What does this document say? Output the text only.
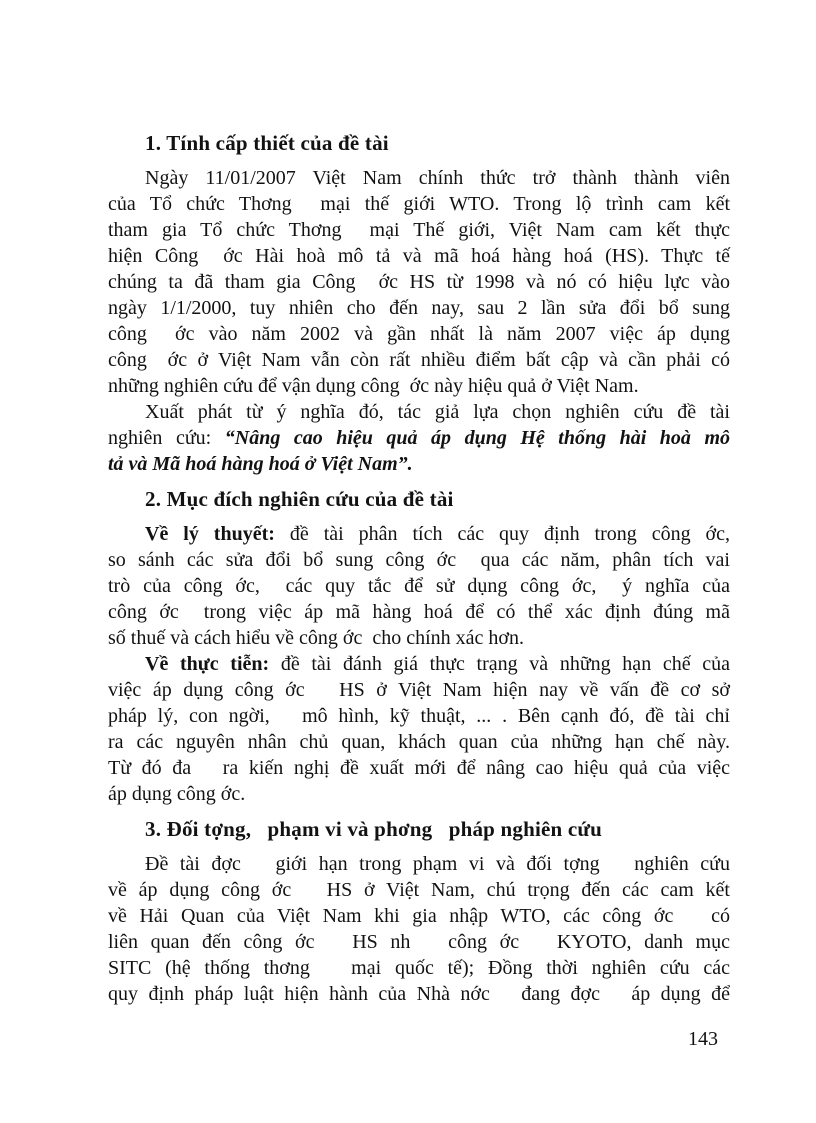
1. Tính cấp thiết của đề tài
Ngày 11/01/2007 Việt Nam chính thức trở thành thành viên
của Tổ chức Thơng  mại thế giới WTO. Trong lộ trình cam kết
tham gia Tổ chức Thơng  mại Thế giới, Việt Nam cam kết thực
hiện Công  ớc Hài hoà mô tả và mã hoá hàng hoá (HS). Thực tế
chúng ta đã tham gia Công  ớc HS từ 1998 và nó có hiệu lực vào
ngày 1/1/2000, tuy nhiên cho đến nay, sau 2 lần sửa đổi bổ sung
công  ớc vào năm 2002 và gần nhất là năm 2007 việc áp dụng
công  ớc ở Việt Nam vẫn còn rất nhiều điểm bất cập và cần phải có
những nghiên cứu để vận dụng công  ớc này hiệu quả ở Việt Nam.
Xuất phát từ ý nghĩa đó, tác giả lựa chọn nghiên cứu đề tài
nghiên cứu: “Nâng cao hiệu quả áp dụng Hệ thống hài hoà mô
tả và Mã hoá hàng hoá ở Việt Nam”.
2. Mục đích nghiên cứu của đề tài
Về lý thuyết: đề tài phân tích các quy định trong công ớc,
so sánh các sửa đổi bổ sung công ớc  qua các năm, phân tích vai
trò của công ớc,  các quy tắc để sử dụng công ớc,  ý nghĩa của
công ớc  trong việc áp mã hàng hoá để có thể xác định đúng mã
số thuế và cách hiểu về công ớc  cho chính xác hơn.
Về thực tiễn: đề tài đánh giá thực trạng và những hạn chế của
việc áp dụng công ớc   HS ở Việt Nam hiện nay về vấn đề cơ sở
pháp lý, con ngời,   mô hình, kỹ thuật, ... . Bên cạnh đó, đề tài chỉ
ra các nguyên nhân chủ quan, khách quan của những hạn chế này.
Từ đó đa   ra kiến nghị đề xuất mới để nâng cao hiệu quả của việc
áp dụng công ớc.
3. Đối tợng,   phạm vi và phơng   pháp nghiên cứu
Đề tài đợc   giới hạn trong phạm vi và đối tợng   nghiên cứu
về áp dụng công ớc   HS ở Việt Nam, chú trọng đến các cam kết
về Hải Quan của Việt Nam khi gia nhập WTO, các công ớc   có
liên quan đến công ớc   HS nh   công ớc   KYOTO, danh mục
SITC (hệ thống thơng   mại quốc tế); Đồng thời nghiên cứu các
quy định pháp luật hiện hành của Nhà nớc   đang đợc   áp dụng để
143
